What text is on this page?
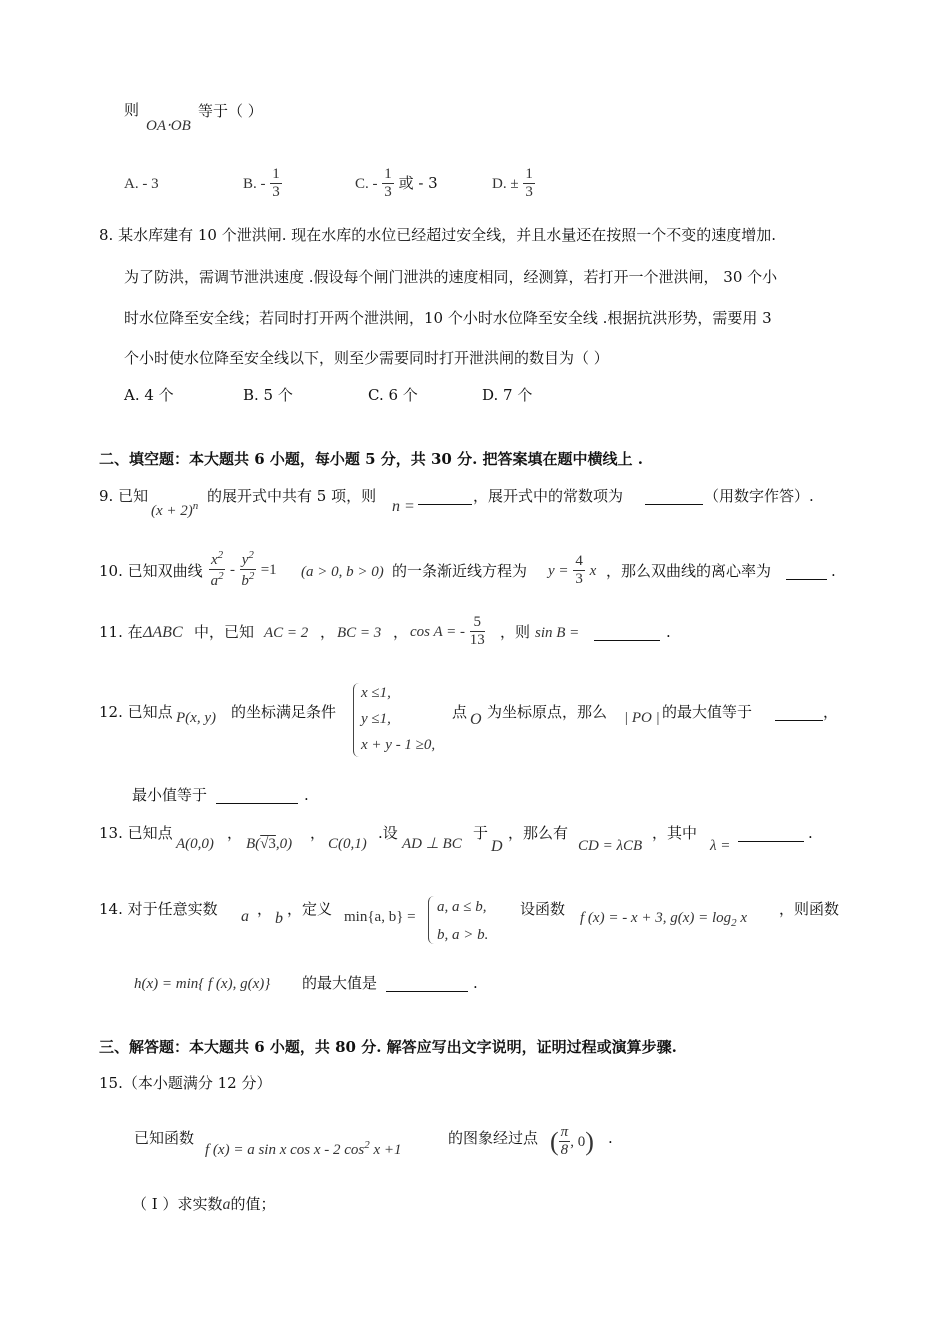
则
OA⋅OB
等于（ ）
A. - 3	B. - $\frac{1}{3}$	C. - $\frac{1}{3}$ 或 - 3	D. ± $\frac{1}{3}$
8. 某水库建有 10 个泄洪闸. 现在水库的水位已经超过安全线，并且水量还在按照一个不变的速度增加.
为了防洪，需调节泄洪速度 .假设每个闸门泄洪的速度相同，经测算，若打开一个泄洪闸， 30 个小
时水位降至安全线；若同时打开两个泄洪闸，10 个小时水位降至安全线 .根据抗洪形势，需要用 3
个小时使水位降至安全线以下，则至少需要同时打开泄洪闸的数目为（ ）
A. 4 个	B. 5 个	C. 6 个	D. 7 个
二、填空题：本大题共 6 小题，每小题 5 分，共 30 分. 把答案填在题中横线上 .
9. 已知
$(x + 2)^n$
的展开式中共有 5 项，则
n =

，展开式中的常数项为
	（用数字作答）.
10. 已知双曲线 $\frac{x^2}{a^2} - \frac{y^2}{b^2} =1$ (a > 0, b > 0) 的一条渐近线方程为 $y = \frac{4}{3}$ x ，那么双曲线的离心率为
	.
11. 在 ΔABC 中，已知 AC = 2 ， BC = 3 ， cos A = - $\frac{5}{13}$ ，则 sin B =
	.
12. 已知点 P(x, y) 的坐标满足条件
x ≤1,
y ≤1,
x + y - 1 ≥0,
点 O 为坐标原点，那么 | PO | 的最大值等于
	，
最小值等于
	.
13. 已知点
A(0,0)
，
B(√3,0)
，
C(0,1)
.设
AD ⊥ BC
于
D
，那么有
CD = λCB
，其中
λ =

.
14. 对于任意实数 a ，
b
，定义 min{a, b} =
a, a ≤ b,
b, a > b.
设函数 f (x) = - x + 3, $g(x) = \log_2 x$ ，则函数
h(x) = min{ f (x), g(x)} 的最大值是
	.
三、解答题：本大题共 6 小题，共 80 分. 解答应写出文字说明，证明过程或演算步骤.
15.（本小题满分 12 分）
已知函数
f (x) = a sin x cos x - 2 $\cos^2 x +1$
的图象经过点 ( $\frac{\pi}{8}$ , 0) .
（ I ）求实数a的值；
